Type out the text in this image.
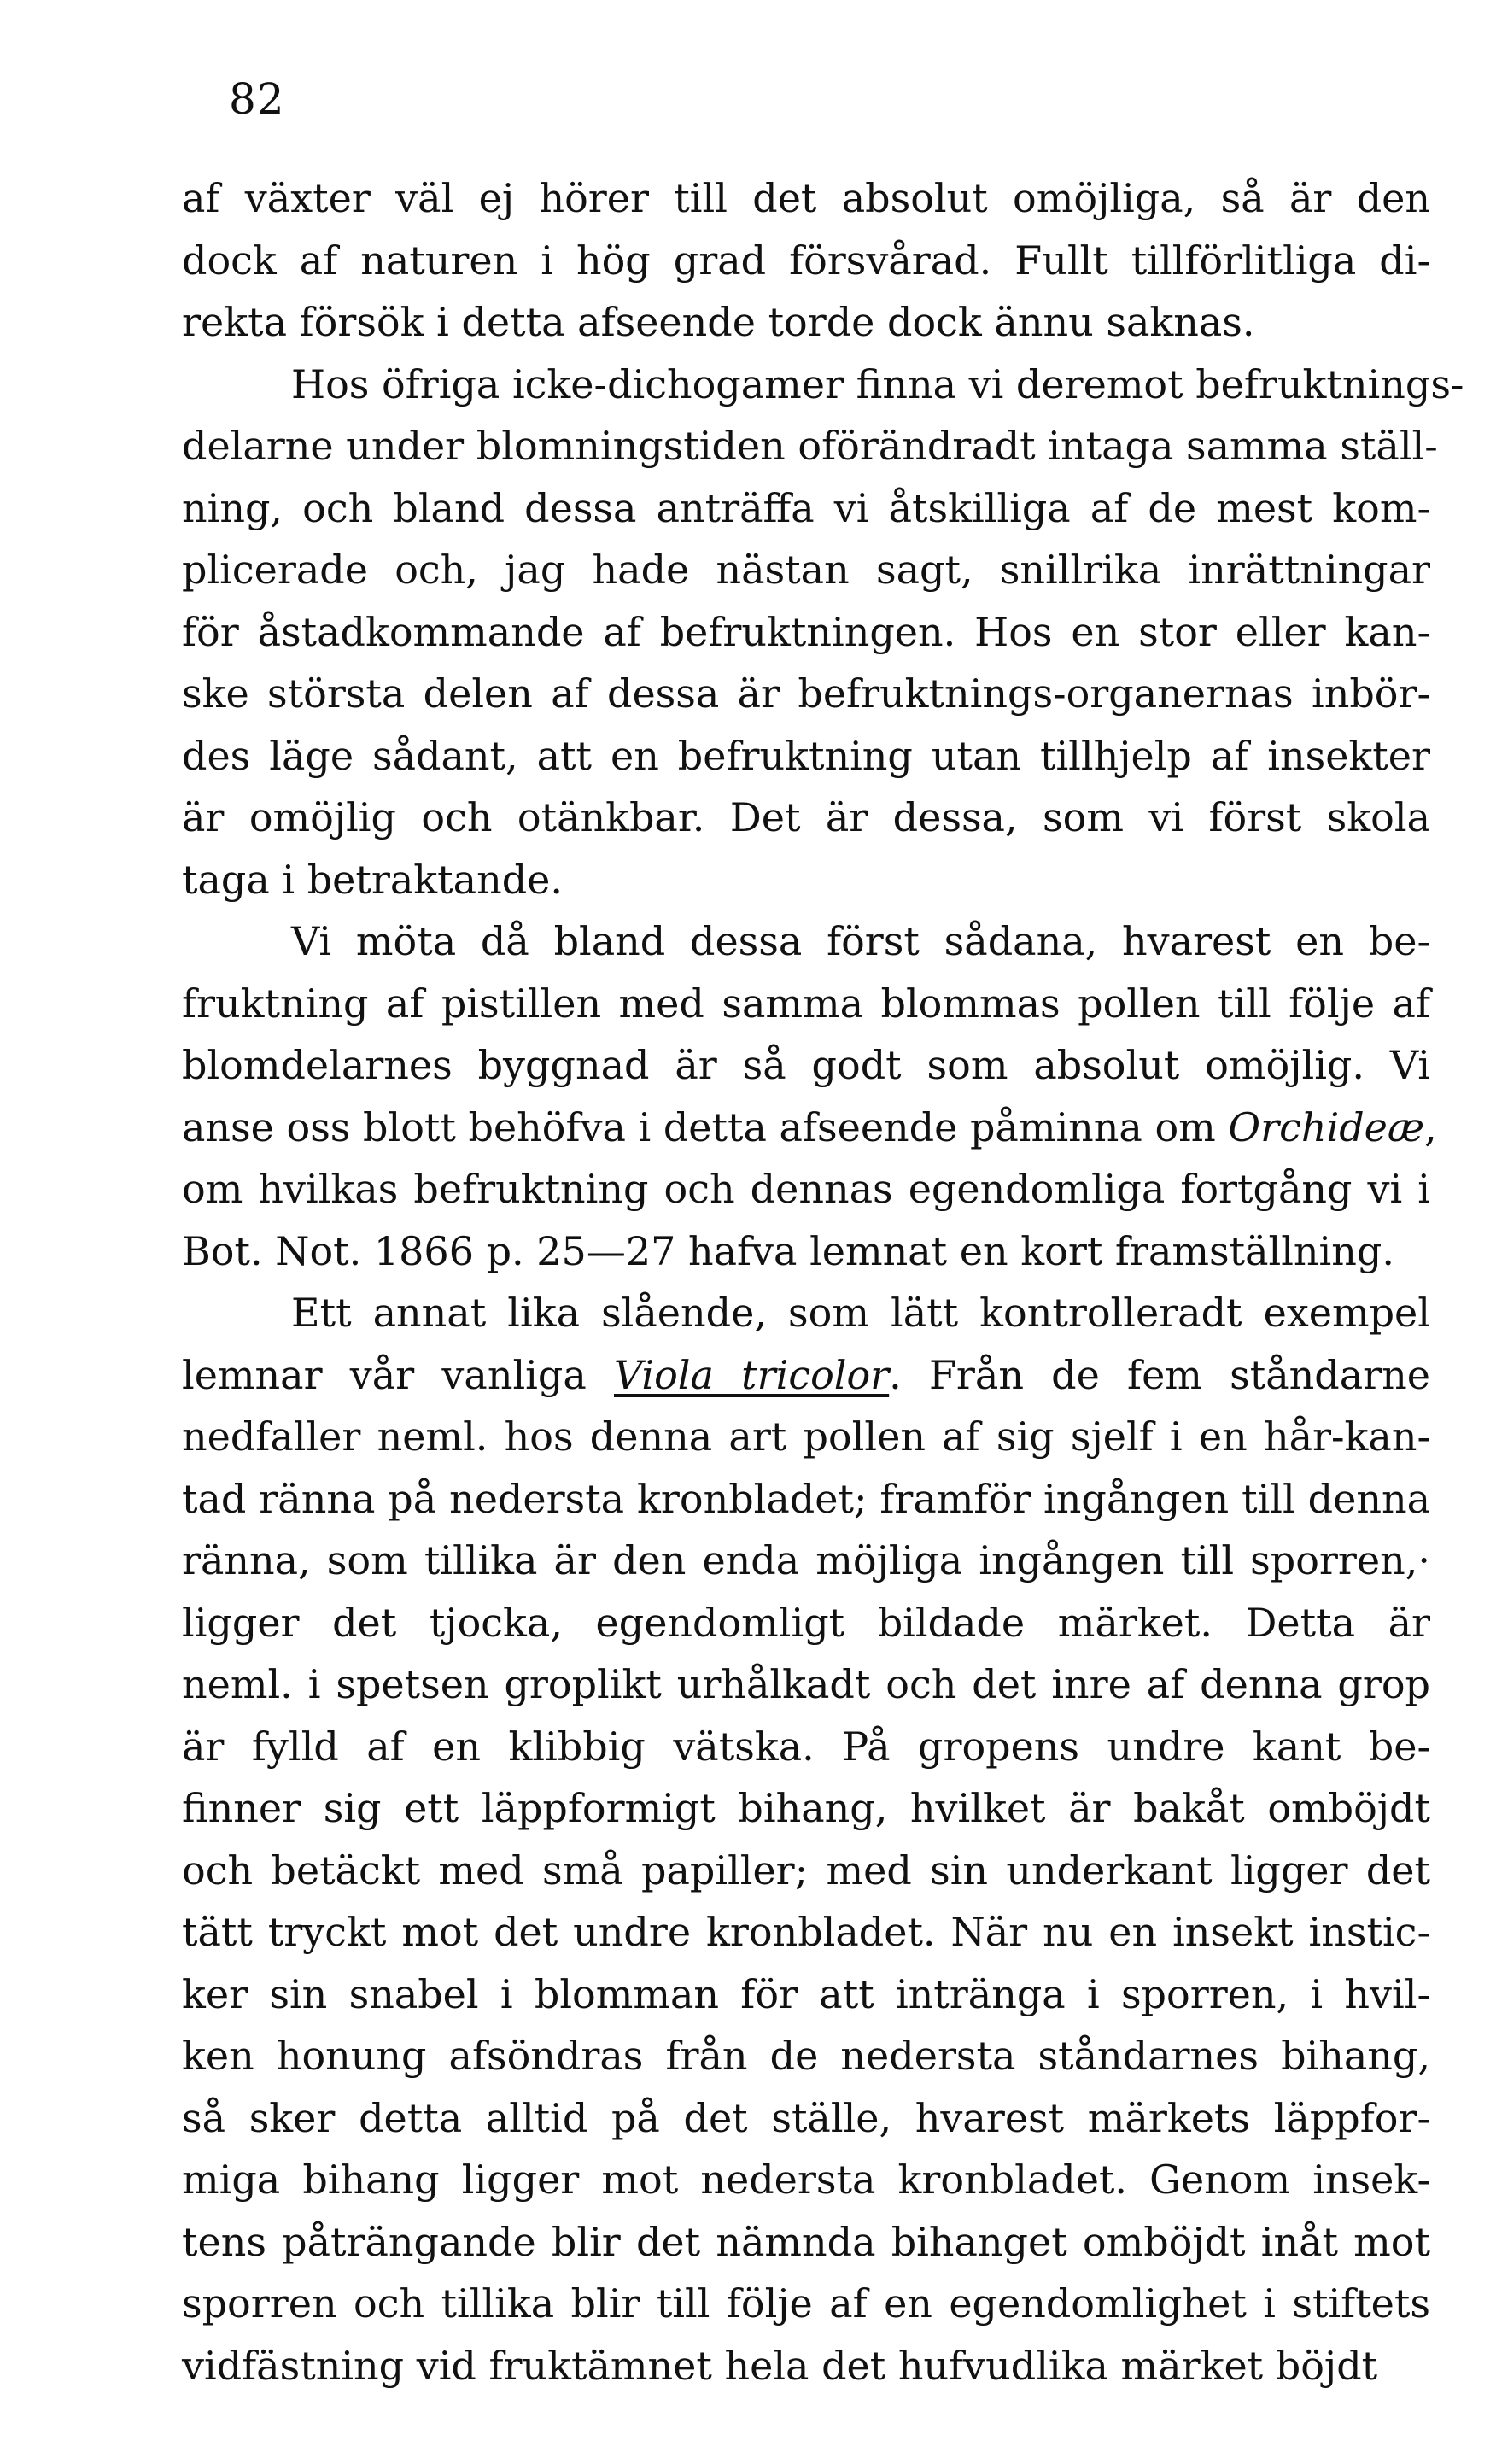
82
af växter väl ej hörer till det absolut omöjliga, så är den
dock af naturen i hög grad försvårad. Fullt tillförlitliga di-
rekta försök i detta afseende torde dock ännu saknas.
Hos öfriga icke-dichogamer finna vi deremot befruktnings-
delarne under blomningstiden oförändradt intaga samma ställ-
ning, och bland dessa anträffa vi åtskilliga af de mest kom-
plicerade och, jag hade nästan sagt, snillrika inrättningar
för åstadkommande af befruktningen. Hos en stor eller kan-
ske största delen af dessa är befruktnings-organernas inbör-
des läge sådant, att en befruktning utan tillhjelp af insekter
är omöjlig och otänkbar. Det är dessa, som vi först skola
taga i betraktande.
Vi möta då bland dessa först sådana, hvarest en be-
fruktning af pistillen med samma blommas pollen till följe af
blomdelarnes byggnad är så godt som absolut omöjlig. Vi
anse oss blott behöfva i detta afseende påminna om Orchideæ,
om hvilkas befruktning och dennas egendomliga fortgång vi i
Bot. Not. 1866 p. 25—27 hafva lemnat en kort framställning.
Ett annat lika slående, som lätt kontrolleradt exempel
lemnar vår vanliga Viola tricolor. Från de fem ståndarne
nedfaller neml. hos denna art pollen af sig sjelf i en hår-kan-
tad ränna på nedersta kronbladet; framför ingången till denna
ränna, som tillika är den enda möjliga ingången till sporren,·
ligger det tjocka, egendomligt bildade märket. Detta är
neml. i spetsen groplikt urhålkadt och det inre af denna grop
är fylld af en klibbig vätska. På gropens undre kant be-
finner sig ett läppformigt bihang, hvilket är bakåt omböjdt
och betäckt med små papiller; med sin underkant ligger det
tätt tryckt mot det undre kronbladet. När nu en insekt instic-
ker sin snabel i blomman för att intränga i sporren, i hvil-
ken honung afsöndras från de nedersta ståndarnes bihang,
så sker detta alltid på det ställe, hvarest märkets läppfor-
miga bihang ligger mot nedersta kronbladet. Genom insek-
tens påträngande blir det nämnda bihanget omböjdt inåt mot
sporren och tillika blir till följe af en egendomlighet i stiftets
vidfästning vid fruktämnet hela det hufvudlika märket böjdt
